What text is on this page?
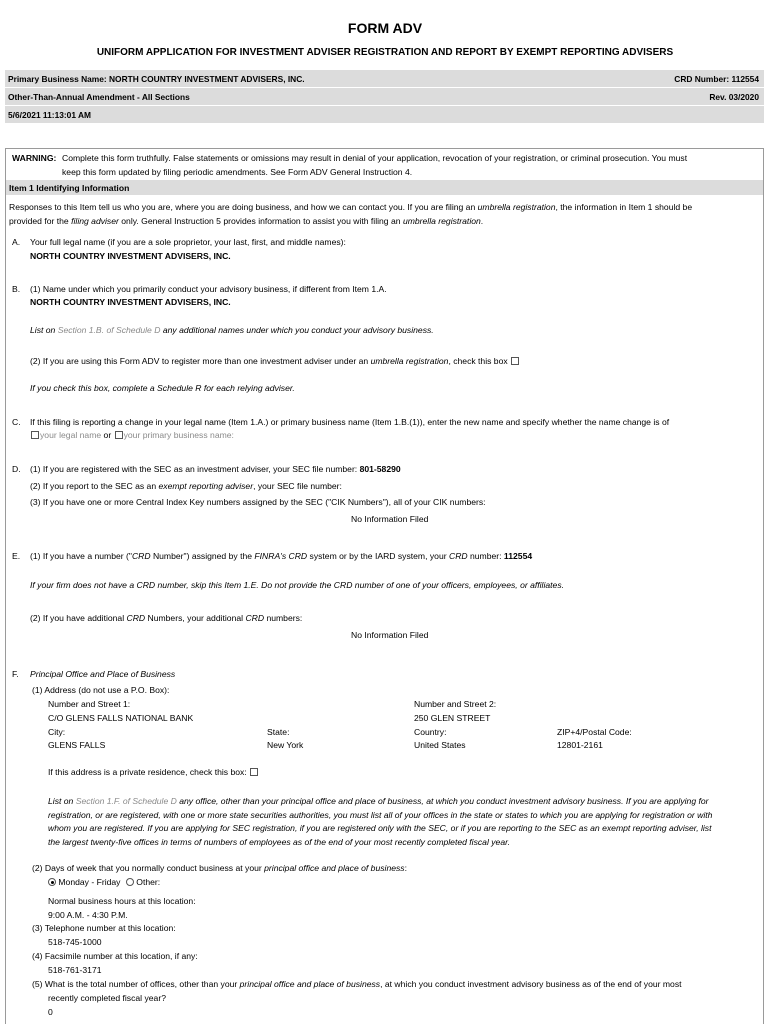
FORM ADV
UNIFORM APPLICATION FOR INVESTMENT ADVISER REGISTRATION AND REPORT BY EXEMPT REPORTING ADVISERS
Primary Business Name: NORTH COUNTRY INVESTMENT ADVISERS, INC.	CRD Number: 112554
Other-Than-Annual Amendment - All Sections	Rev. 03/2020
5/6/2021 11:13:01 AM
WARNING: Complete this form truthfully. False statements or omissions may result in denial of your application, revocation of your registration, or criminal prosecution. You must
keep this form updated by filing periodic amendments. See Form ADV General Instruction 4.
Item 1 Identifying Information
Responses to this Item tell us who you are, where you are doing business, and how we can contact you. If you are filing an umbrella registration, the information in Item 1 should be
provided for the filing adviser only. General Instruction 5 provides information to assist you with filing an umbrella registration.
A. Your full legal name (if you are a sole proprietor, your last, first, and middle names):
NORTH COUNTRY INVESTMENT ADVISERS, INC.
B. (1) Name under which you primarily conduct your advisory business, if different from Item 1.A.
NORTH COUNTRY INVESTMENT ADVISERS, INC.
List on Section 1.B. of Schedule D any additional names under which you conduct your advisory business.
(2) If you are using this Form ADV to register more than one investment adviser under an umbrella registration, check this box
If you check this box, complete a Schedule R for each relying adviser.
C. If this filing is reporting a change in your legal name (Item 1.A.) or primary business name (Item 1.B.(1)), enter the new name and specify whether the name change is of
your legal name or your primary business name:
D. (1) If you are registered with the SEC as an investment adviser, your SEC file number: 801-58290
(2) If you report to the SEC as an exempt reporting adviser, your SEC file number:
(3) If you have one or more Central Index Key numbers assigned by the SEC ("CIK Numbers"), all of your CIK numbers:
No Information Filed
E. (1) If you have a number ("CRD Number") assigned by the FINRA's CRD system or by the IARD system, your CRD number: 112554
If your firm does not have a CRD number, skip this Item 1.E. Do not provide the CRD number of one of your officers, employees, or affiliates.
(2) If you have additional CRD Numbers, your additional CRD numbers:
No Information Filed
F. Principal Office and Place of Business
(1) Address (do not use a P.O. Box):
Number and Street 1:
C/O GLENS FALLS NATIONAL BANK
Number and Street 2:
250 GLEN STREET
City:
GLENS FALLS
State:
New York
Country:
United States
ZIP+4/Postal Code:
12801-2161
If this address is a private residence, check this box:
List on Section 1.F. of Schedule D any office, other than your principal office and place of business, at which you conduct investment advisory business. If you are applying for
registration, or are registered, with one or more state securities authorities, you must list all of your offices in the state or states to which you are applying for registration or with
whom you are registered. If you are applying for SEC registration, if you are registered only with the SEC, or if you are reporting to the SEC as an exempt reporting adviser, list
the largest twenty-five offices in terms of numbers of employees as of the end of your most recently completed fiscal year.
(2) Days of week that you normally conduct business at your principal office and place of business:
Monday - Friday Other:
Normal business hours at this location:
9:00 A.M. - 4:30 P.M.
(3) Telephone number at this location:
518-745-1000
(4) Facsimile number at this location, if any:
518-761-3171
(5) What is the total number of offices, other than your principal office and place of business, at which you conduct investment advisory business as of the end of your most
recently completed fiscal year?
0
